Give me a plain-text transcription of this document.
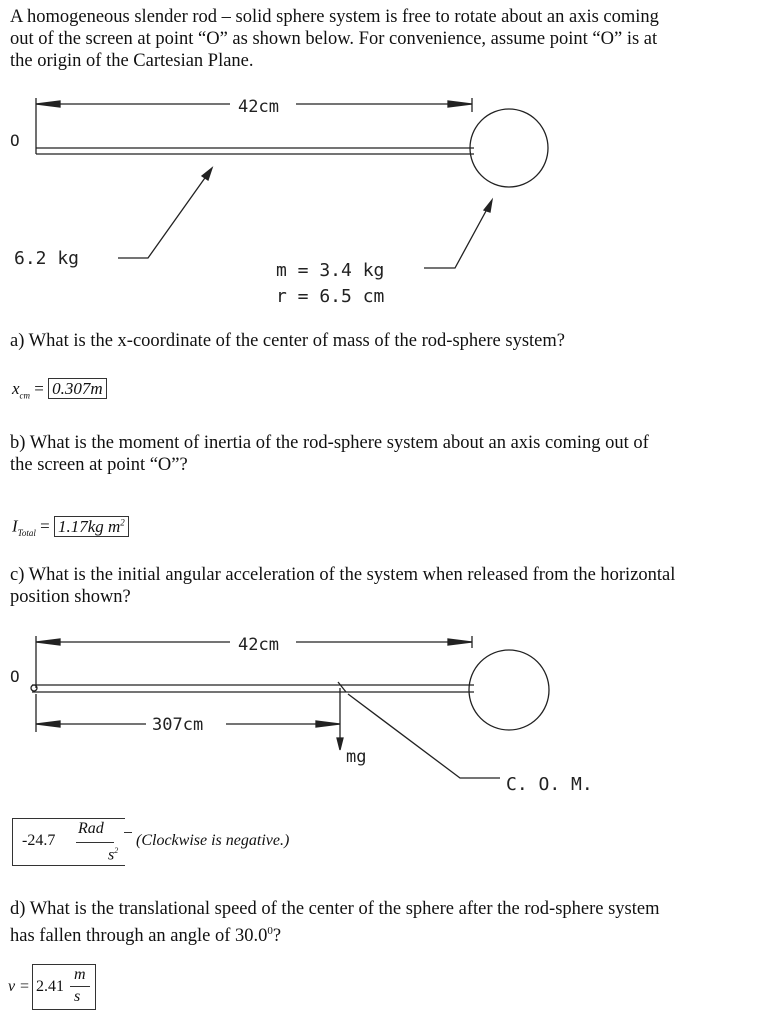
A homogeneous slender rod – solid sphere system is free to rotate about an axis coming
out of the screen at point “O” as shown below. For convenience, assume point “O” is at
the origin of the Cartesian Plane.
42cm
O
6.2 kg
m = 3.4 kg
r = 6.5 cm
a) What is the x-coordinate of the center of mass of the rod-sphere system?
$x_{cm} = 0.307m$
b) What is the moment of inertia of the rod-sphere system about an axis coming out of
the screen at point “O”?
$I_{Total} = 1.17kg$ $m^2$
c) What is the initial angular acceleration of the system when released from the horizontal
position shown?
42cm
O
307cm
mg
C. O. M.
-24.7
Rad
$s^2$
(Clockwise is negative.)
d) What is the translational speed of the center of the sphere after the rod-sphere system
has fallen through an angle of 30.0$^0$?
v = 2.41
m
s
